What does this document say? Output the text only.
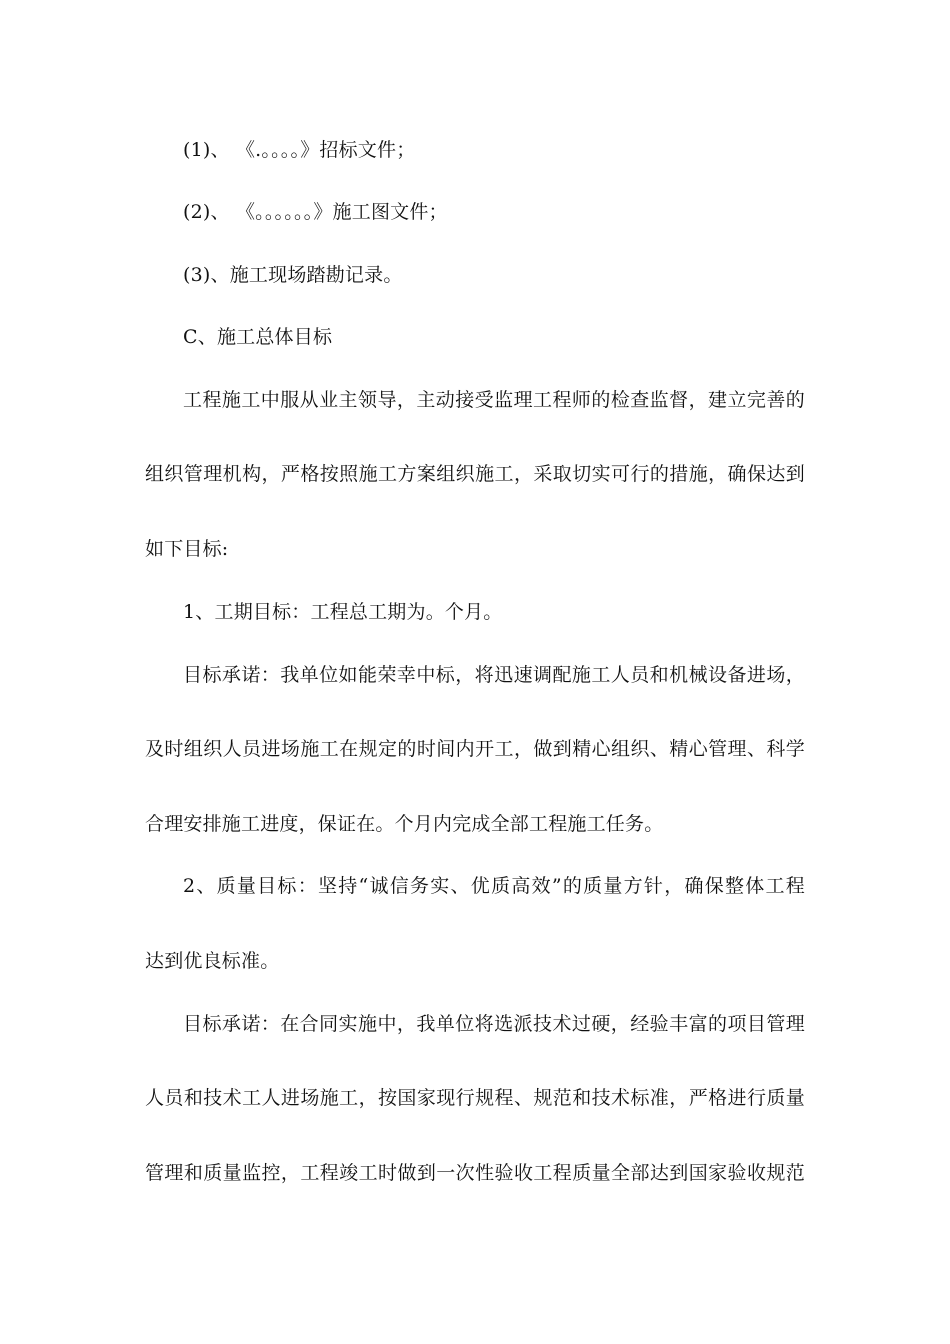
(1)、 《.。。。。》招标文件；
(2)、 《。。。。。。》施工图文件；
(3)、施工现场踏勘记录。
C、施工总体目标
工程施工中服从业主领导，主动接受监理工程师的检查监督，建立完善的
组织管理机构，严格按照施工方案组织施工，采取切实可行的措施，确保达到
如下目标:
1、工期目标：工程总工期为。个月。
目标承诺：我单位如能荣幸中标，将迅速调配施工人员和机械设备进场，
及时组织人员进场施工在规定的时间内开工，做到精心组织、精心管理、科学
合理安排施工进度，保证在。个月内完成全部工程施工任务。
2、质量目标：坚持“诚信务实、优质高效”的质量方针，确保整体工程
达到优良标准。
目标承诺：在合同实施中，我单位将选派技术过硬，经验丰富的项目管理
人员和技术工人进场施工，按国家现行规程、规范和技术标准，严格进行质量
管理和质量监控，工程竣工时做到一次性验收工程质量全部达到国家验收规范
